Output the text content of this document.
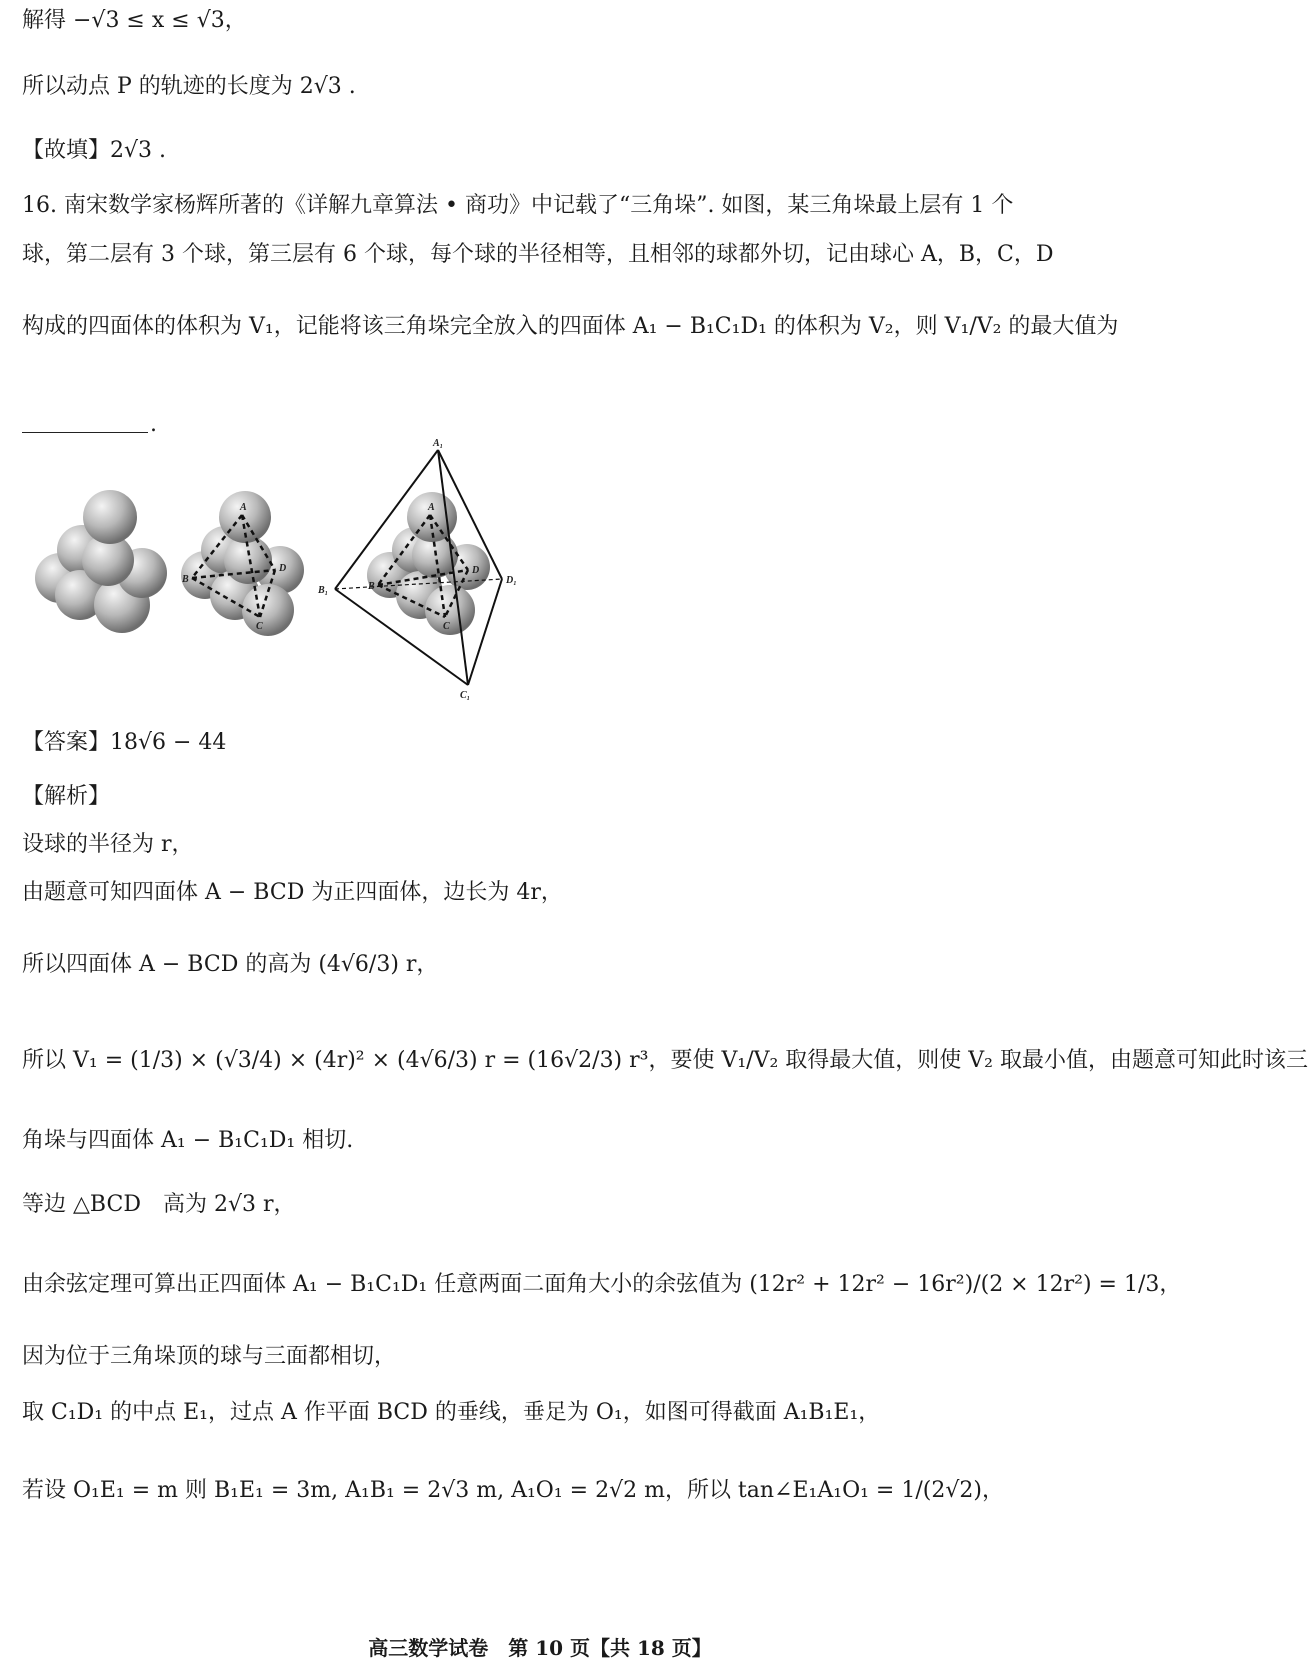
解得 −√3 ≤ x ≤ √3，
所以动点 P 的轨迹的长度为 2√3 .
【故填】2√3 .
16. 南宋数学家杨辉所著的《详解九章算法 • 商功》中记载了“三角垛”. 如图，某三角垛最上层有 1 个
球，第二层有 3 个球，第三层有 6 个球，每个球的半径相等，且相邻的球都外切，记由球心 A，B，C，D
构成的四面体的体积为 V₁，记能将该三角垛完全放入的四面体 A₁ − B₁C₁D₁ 的体积为 V₂，则 V₁/V₂ 的最大值为
.
A
B
C
D
A₁
B₁
C₁
D₁
A
B
C
D
【答案】18√6 − 44
【解析】
设球的半径为 r，
由题意可知四面体 A − BCD 为正四面体，边长为 4r，
所以四面体 A − BCD 的高为 (4√6/3) r，
所以 V₁ = (1/3) × (√3/4) × (4r)² × (4√6/3) r = (16√2/3) r³，要使 V₁/V₂ 取得最大值，则使 V₂ 取最小值，由题意可知此时该三
角垛与四面体 A₁ − B₁C₁D₁ 相切.
等边 △BCD　高为 2√3 r，
由余弦定理可算出正四面体 A₁ − B₁C₁D₁ 任意两面二面角大小的余弦值为 (12r² + 12r² − 16r²)/(2 × 12r²) = 1/3，
因为位于三角垛顶的球与三面都相切，
取 C₁D₁ 的中点 E₁，过点 A 作平面 BCD 的垂线，垂足为 O₁，如图可得截面 A₁B₁E₁，
若设 O₁E₁ = m 则 B₁E₁ = 3m, A₁B₁ = 2√3 m, A₁O₁ = 2√2 m，所以 tan∠E₁A₁O₁ = 1/(2√2)，
高三数学试卷　第 10 页【共 18 页】
